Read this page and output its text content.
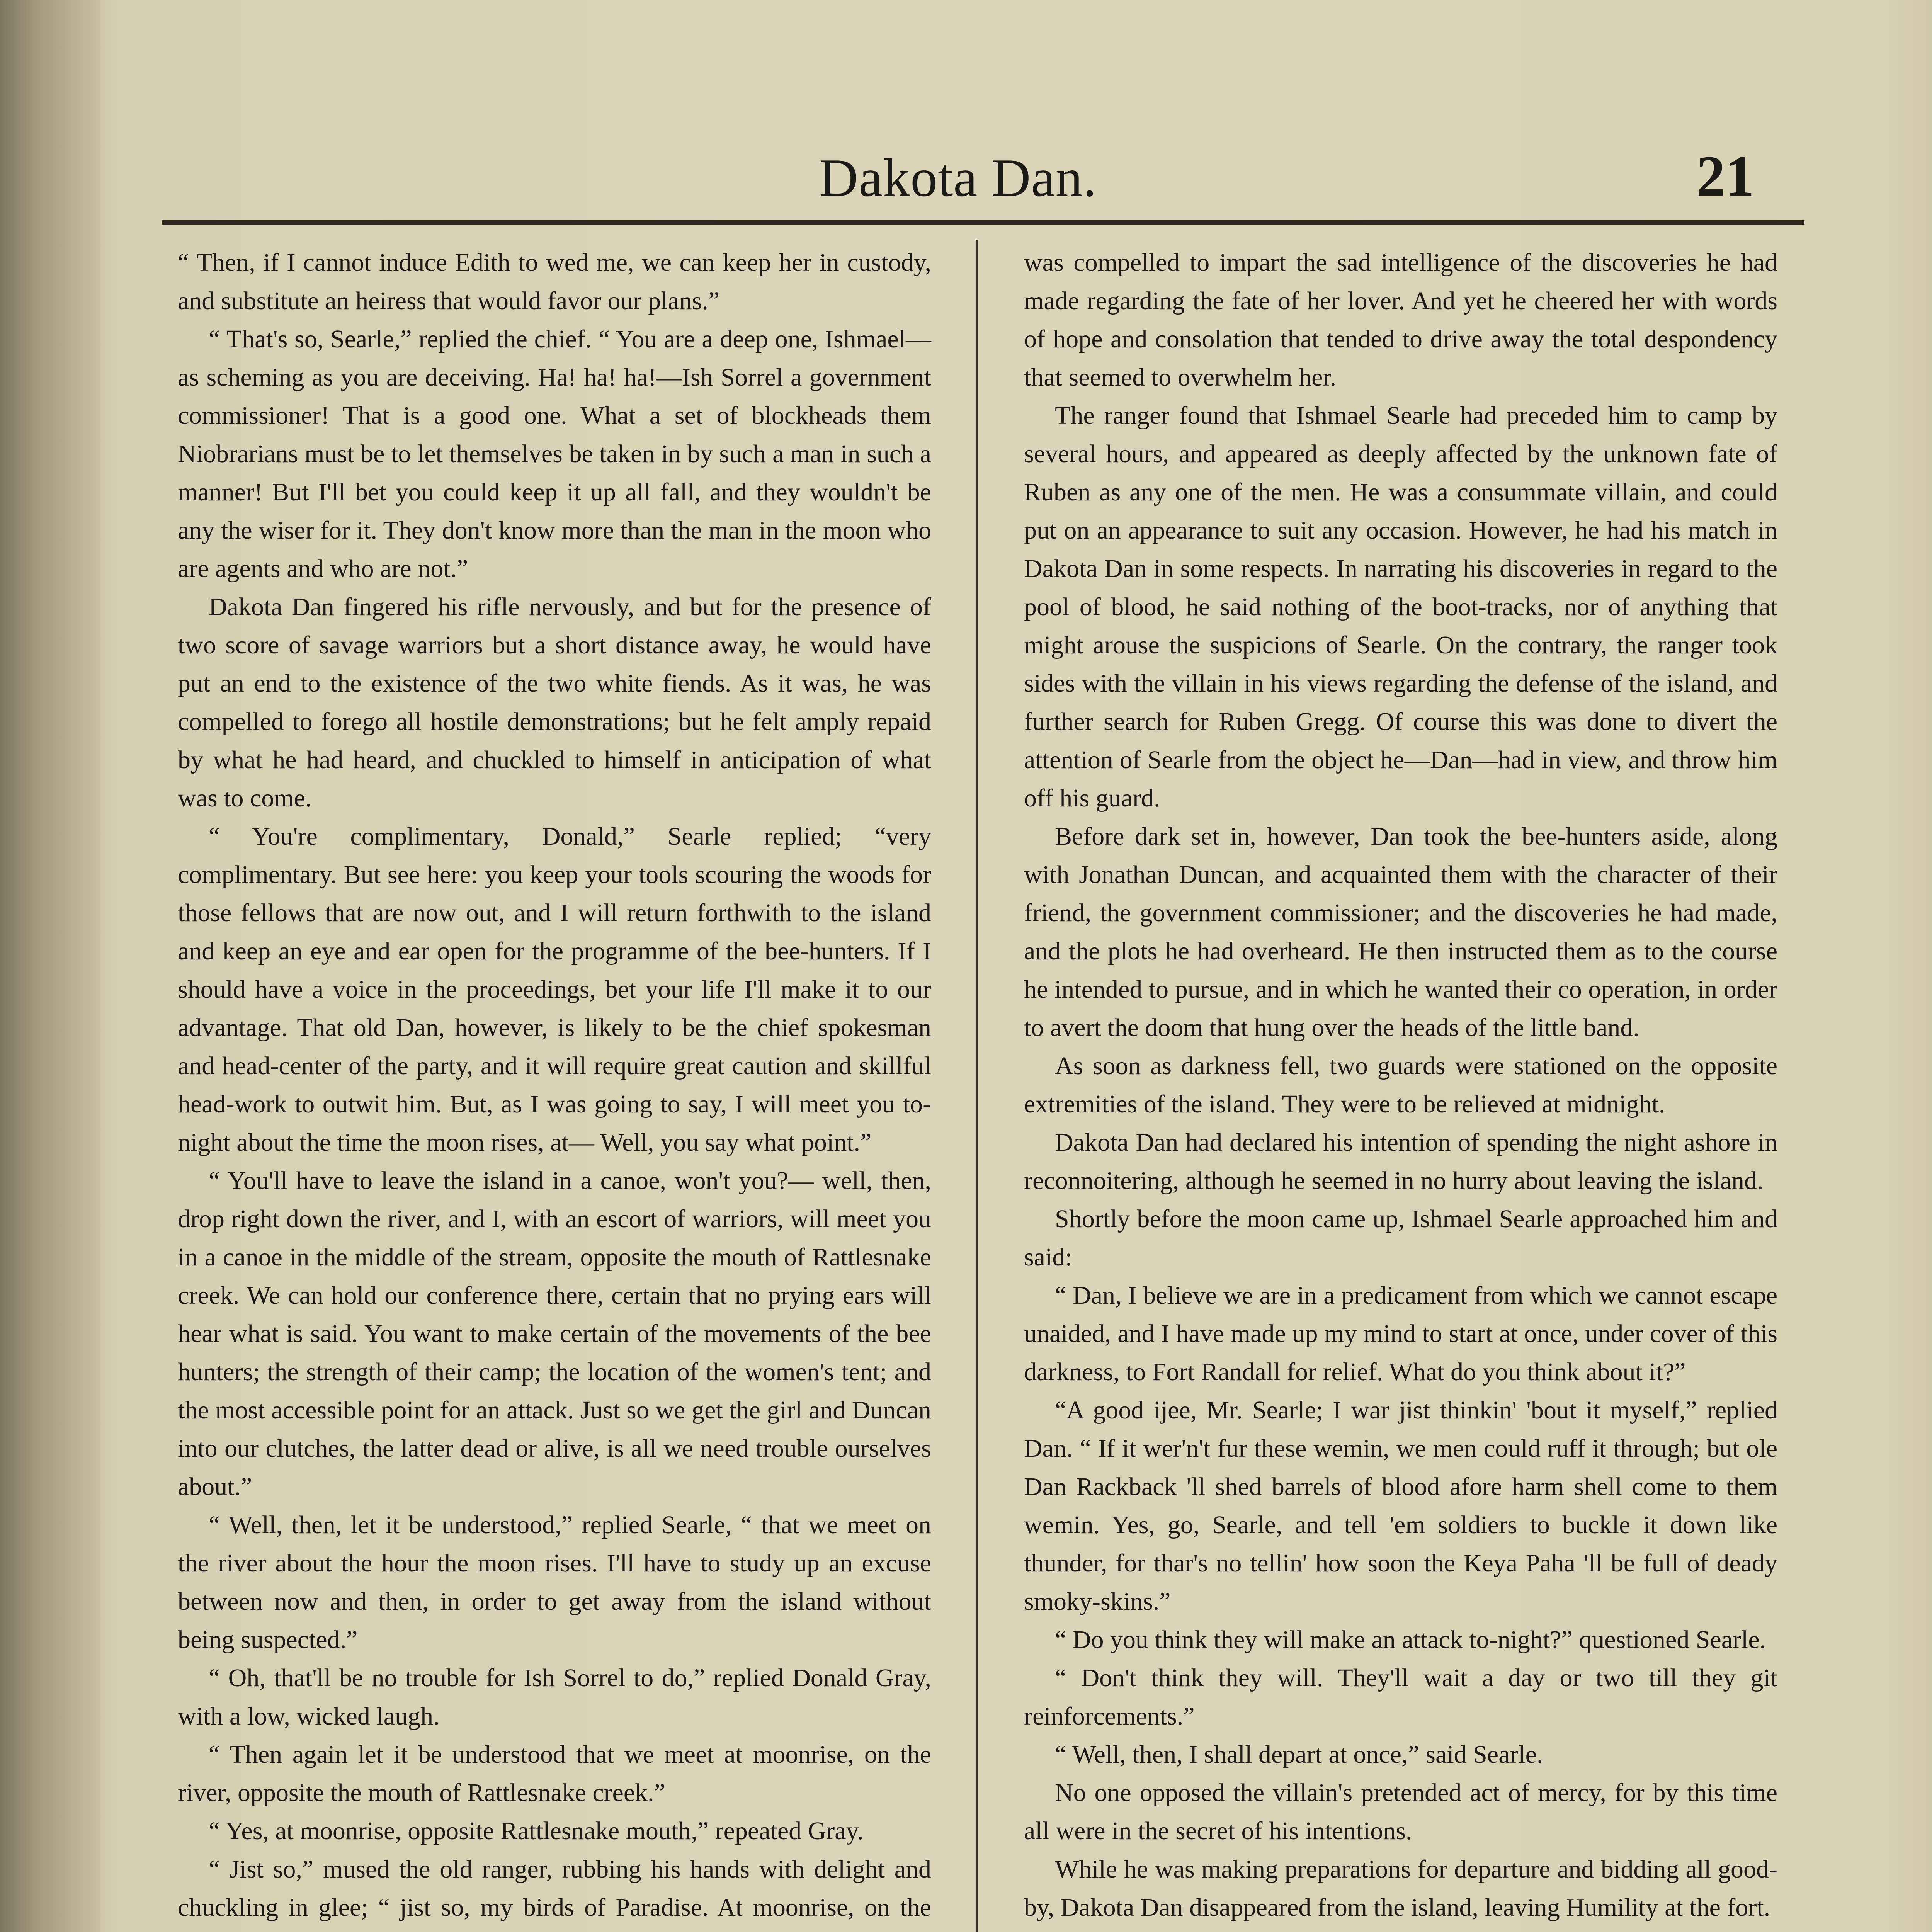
Dakota Dan.	21

“ Then, if I cannot induce Edith to wed me, we can keep her in custody, and substitute an heiress that would favor our plans.”

“ That's so, Searle,” replied the chief. “ You are a deep one, Ishmael—as scheming as you are deceiving. Ha! ha! ha!—Ish Sorrel a government commissioner! That is a good one. What a set of blockheads them Niobrarians must be to let themselves be taken in by such a man in such a manner! But I'll bet you could keep it up all fall, and they wouldn't be any the wiser for it. They don't know more than the man in the moon who are agents and who are not.”

Dakota Dan fingered his rifle nervously, and but for the presence of two score of savage warriors but a short distance away, he would have put an end to the existence of the two white fiends. As it was, he was compelled to forego all hostile demonstrations; but he felt amply repaid by what he had heard, and chuckled to himself in anticipation of what was to come.

“ You're complimentary, Donald,” Searle replied; “very complimentary. But see here: you keep your tools scouring the woods for those fellows that are now out, and I will return forthwith to the island and keep an eye and ear open for the programme of the bee-hunters. If I should have a voice in the proceedings, bet your life I'll make it to our advantage. That old Dan, however, is likely to be the chief spokesman and head-center of the party, and it will require great caution and skillful head-work to outwit him. But, as I was going to say, I will meet you to-night about the time the moon rises, at— Well, you say what point.”

“ You'll have to leave the island in a canoe, won't you?— well, then, drop right down the river, and I, with an escort of warriors, will meet you in a canoe in the middle of the stream, opposite the mouth of Rattlesnake creek. We can hold our conference there, certain that no prying ears will hear what is said. You want to make certain of the movements of the bee hunters; the strength of their camp; the location of the women's tent; and the most accessible point for an attack. Just so we get the girl and Duncan into our clutches, the latter dead or alive, is all we need trouble ourselves about.”

“ Well, then, let it be understood,” replied Searle, “ that we meet on the river about the hour the moon rises. I'll have to study up an excuse between now and then, in order to get away from the island without being suspected.”

“ Oh, that'll be no trouble for Ish Sorrel to do,” replied Donald Gray, with a low, wicked laugh.

“ Then again let it be understood that we meet at moonrise, on the river, opposite the mouth of Rattlesnake creek.”

“ Yes, at moonrise, opposite Rattlesnake mouth,” repeated Gray.

“ Jist so,” mused the old ranger, rubbing his hands with delight and chuckling in glee; “ jist so, my birds of Paradise. At moonrise, on the

was compelled to impart the sad intelligence of the discoveries he had made regarding the fate of her lover. And yet he cheered her with words of hope and consolation that tended to drive away the total despondency that seemed to overwhelm her.

The ranger found that Ishmael Searle had preceded him to camp by several hours, and appeared as deeply affected by the unknown fate of Ruben as any one of the men. He was a consummate villain, and could put on an appearance to suit any occasion. However, he had his match in Dakota Dan in some respects. In narrating his discoveries in regard to the pool of blood, he said nothing of the boot-tracks, nor of anything that might arouse the suspicions of Searle. On the contrary, the ranger took sides with the villain in his views regarding the defense of the island, and further search for Ruben Gregg. Of course this was done to divert the attention of Searle from the object he—Dan—had in view, and throw him off his guard.

Before dark set in, however, Dan took the bee-hunters aside, along with Jonathan Duncan, and acquainted them with the character of their friend, the government commissioner; and the discoveries he had made, and the plots he had overheard. He then instructed them as to the course he intended to pursue, and in which he wanted their co operation, in order to avert the doom that hung over the heads of the little band.

As soon as darkness fell, two guards were stationed on the opposite extremities of the island. They were to be relieved at midnight.

Dakota Dan had declared his intention of spending the night ashore in reconnoitering, although he seemed in no hurry about leaving the island.

Shortly before the moon came up, Ishmael Searle approached him and said:

“ Dan, I believe we are in a predicament from which we cannot escape unaided, and I have made up my mind to start at once, under cover of this darkness, to Fort Randall for relief. What do you think about it?”

“A good ijee, Mr. Searle; I war jist thinkin' 'bout it myself,” replied Dan. “ If it wer'n't fur these wemin, we men could ruff it through; but ole Dan Rackback 'll shed barrels of blood afore harm shell come to them wemin. Yes, go, Searle, and tell 'em soldiers to buckle it down like thunder, for thar's no tellin' how soon the Keya Paha 'll be full of deady smoky-skins.”

“ Do you think they will make an attack to-night?” questioned Searle.

“ Don't think they will. They'll wait a day or two till they git reinforcements.”

“ Well, then, I shall depart at once,” said Searle.

No one opposed the villain's pretended act of mercy, for by this time all were in the secret of his intentions.

While he was making preparations for departure and bidding all good-by, Dakota Dan disappeared from the island, leaving Humility at the fort.
